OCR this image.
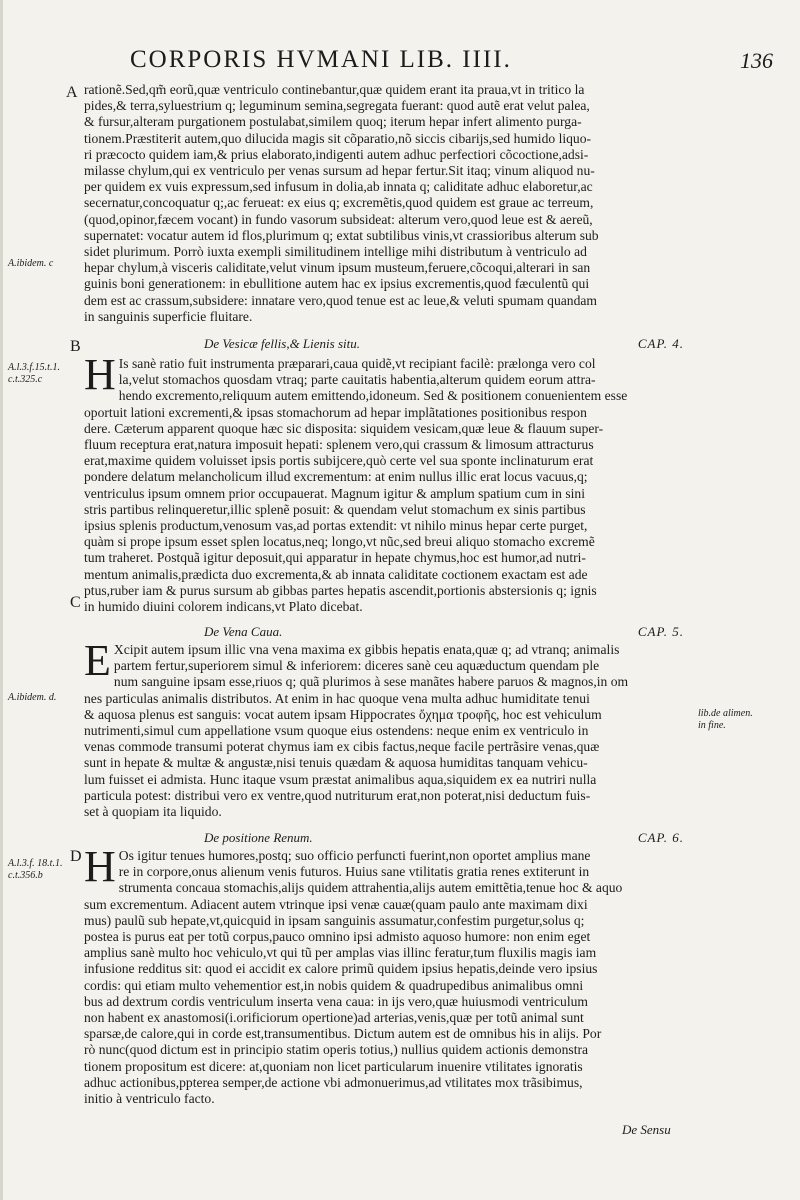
CORPORIS HVMANI LIB. IIII.	136
A
B
C
D
A.ibidem. c
A.l.3.f.15.t.1.
c.t.325.c
A.ibidem. d.
lib.de alimen.
in fine.
A.l.3.f. 18.t.1.
c.t.356.b
rationẽ.Sed,qm̃ eorũ,quæ ventriculo continebantur,quæ quidem erant ita praua,vt in tritico la
pides,& terra,syluestrium q; leguminum semina,segregata fuerant: quod autẽ erat velut palea,
& fursur,alteram purgationem postulabat,similem quoq; iterum hepar infert alimento purga-
tionem.Præstiterit autem,quo dilucida magis sit cõparatio,nõ siccis cibarijs,sed humido liquo-
ri præcocto quidem iam,& prius elaborato,indigenti autem adhuc perfectiori cõcoctione,adsi-
milasse chylum,qui ex ventriculo per venas sursum ad hepar fertur.Sit itaq; vinum aliquod nu-
per quidem ex vuis expressum,sed infusum in dolia,ab innata q; caliditate adhuc elaboretur,ac
secernatur,concoquatur q;,ac ferueat: ex eius q; excremẽtis,quod quidem est graue ac terreum,
(quod,opinor,fæcem vocant) in fundo vasorum subsideat: alterum vero,quod leue est & aereũ,
supernatet: vocatur autem id flos,plurimum q; extat subtilibus vinis,vt crassioribus alterum sub
sidet plurimum. Porrò iuxta exempli similitudinem intellige mihi distributum à ventriculo ad
hepar chylum,à visceris caliditate,velut vinum ipsum musteum,feruere,cõcoqui,alterari in san
guinis boni generationem: in ebullitione autem hac ex ipsius excrementis,quod fæculentũ qui
dem est ac crassum,subsidere: innatare vero,quod tenue est ac leue,& veluti spumam quandam
in sanguinis superficie fluitare.
De Vesicæ fellis,& Lienis situ.	CAP. 4.
H Is sanè ratio fuit instrumenta præparari,caua quidẽ,vt recipiant facilè: prælonga vero col
la,velut stomachos quosdam vtraq; parte cauitatis habentia,alterum quidem eorum attra-
hendo excremento,reliquum autem emittendo,idoneum. Sed & positionem conuenientem esse
oportuit lationi excrementi,& ipsas stomachorum ad hepar implãtationes positionibus respon
dere. Cæterum apparent quoque hæc sic disposita: siquidem vesicam,quæ leue & flauum super-
fluum receptura erat,natura imposuit hepati: splenem vero,qui crassum & limosum attracturus
erat,maxime quidem voluisset ipsis portis subijcere,quò certe vel sua sponte inclinaturum erat
pondere delatum melancholicum illud excrementum: at enim nullus illic erat locus vacuus,q;
ventriculus ipsum omnem prior occupauerat. Magnum igitur & amplum spatium cum in sini
stris partibus relinqueretur,illic splenẽ posuit: & quendam velut stomachum ex sinis partibus
ipsius splenis productum,venosum vas,ad portas extendit: vt nihilo minus hepar certe purget,
quàm si prope ipsum esset splen locatus,neq; longo,vt nũc,sed breui aliquo stomacho excremẽ
tum traheret. Postquã igitur deposuit,qui apparatur in hepate chymus,hoc est humor,ad nutri-
mentum animalis,prædicta duo excrementa,& ab innata caliditate coctionem exactam est ade
ptus,ruber iam & purus sursum ab gibbas partes hepatis ascendit,portionis abstersionis q; ignis
in humido diuini colorem indicans,vt Plato dicebat.
De Vena Caua.	CAP. 5.
E Xcipit autem ipsum illic vna vena maxima ex gibbis hepatis enata,quæ q; ad vtranq; animalis
partem fertur,superiorem simul & inferiorem: diceres sanè ceu aquæductum quendam ple
num sanguine ipsam esse,riuos q; quã plurimos à sese manãtes habere paruos & magnos,in om
nes particulas animalis distributos. At enim in hac quoque vena multa adhuc humiditate tenui
& aquosa plenus est sanguis: vocat autem ipsam Hippocrates ὄχημα τροφῆς, hoc est vehiculum
nutrimenti,simul cum appellatione vsum quoque eius ostendens: neque enim ex ventriculo in
venas commode transumi poterat chymus iam ex cibis factus,neque facile pertrãsire venas,quæ
sunt in hepate & multæ & angustæ,nisi tenuis quædam & aquosa humiditas tanquam vehicu-
lum fuisset ei admista. Hunc itaque vsum præstat animalibus aqua,siquidem ex ea nutriri nulla
particula potest: distribui vero ex ventre,quod nutriturum erat,non poterat,nisi deductum fuis-
set à quopiam ita liquido.
De positione Renum.	CAP. 6.
H Os igitur tenues humores,postq; suo officio perfuncti fuerint,non oportet amplius mane
re in corpore,onus alienum venis futuros. Huius sane vtilitatis gratia renes extiterunt in
strumenta concaua stomachis,alijs quidem attrahentia,alijs autem emittẽtia,tenue hoc & aquo
sum excrementum. Adiacent autem vtrinque ipsi venæ cauæ(quam paulo ante maximam dixi
mus) paulũ sub hepate,vt,quicquid in ipsam sanguinis assumatur,confestim purgetur,solus q;
postea is purus eat per totũ corpus,pauco omnino ipsi admisto aquoso humore: non enim eget
amplius sanè multo hoc vehiculo,vt qui tũ per amplas vias illinc feratur,tum fluxilis magis iam
infusione redditus sit: quod ei accidit ex calore primũ quidem ipsius hepatis,deinde vero ipsius
cordis: qui etiam multo vehementior est,in nobis quidem & quadrupedibus animalibus omni
bus ad dextrum cordis ventriculum inserta vena caua: in ijs vero,quæ huiusmodi ventriculum
non habent ex anastomosi(i.orificiorum opertione)ad arterias,venis,quæ per totũ animal sunt
sparsæ,de calore,qui in corde est,transumentibus. Dictum autem est de omnibus his in alijs. Por
rò nunc(quod dictum est in principio statim operis totius,) nullius quidem actionis demonstra
tionem propositum est dicere: at,quoniam non licet particularum inuenire vtilitates ignoratis
adhuc actionibus,ppterea semper,de actione vbi admonuerimus,ad vtilitates mox trãsibimus,
initio à ventriculo facto.
De Sensu
